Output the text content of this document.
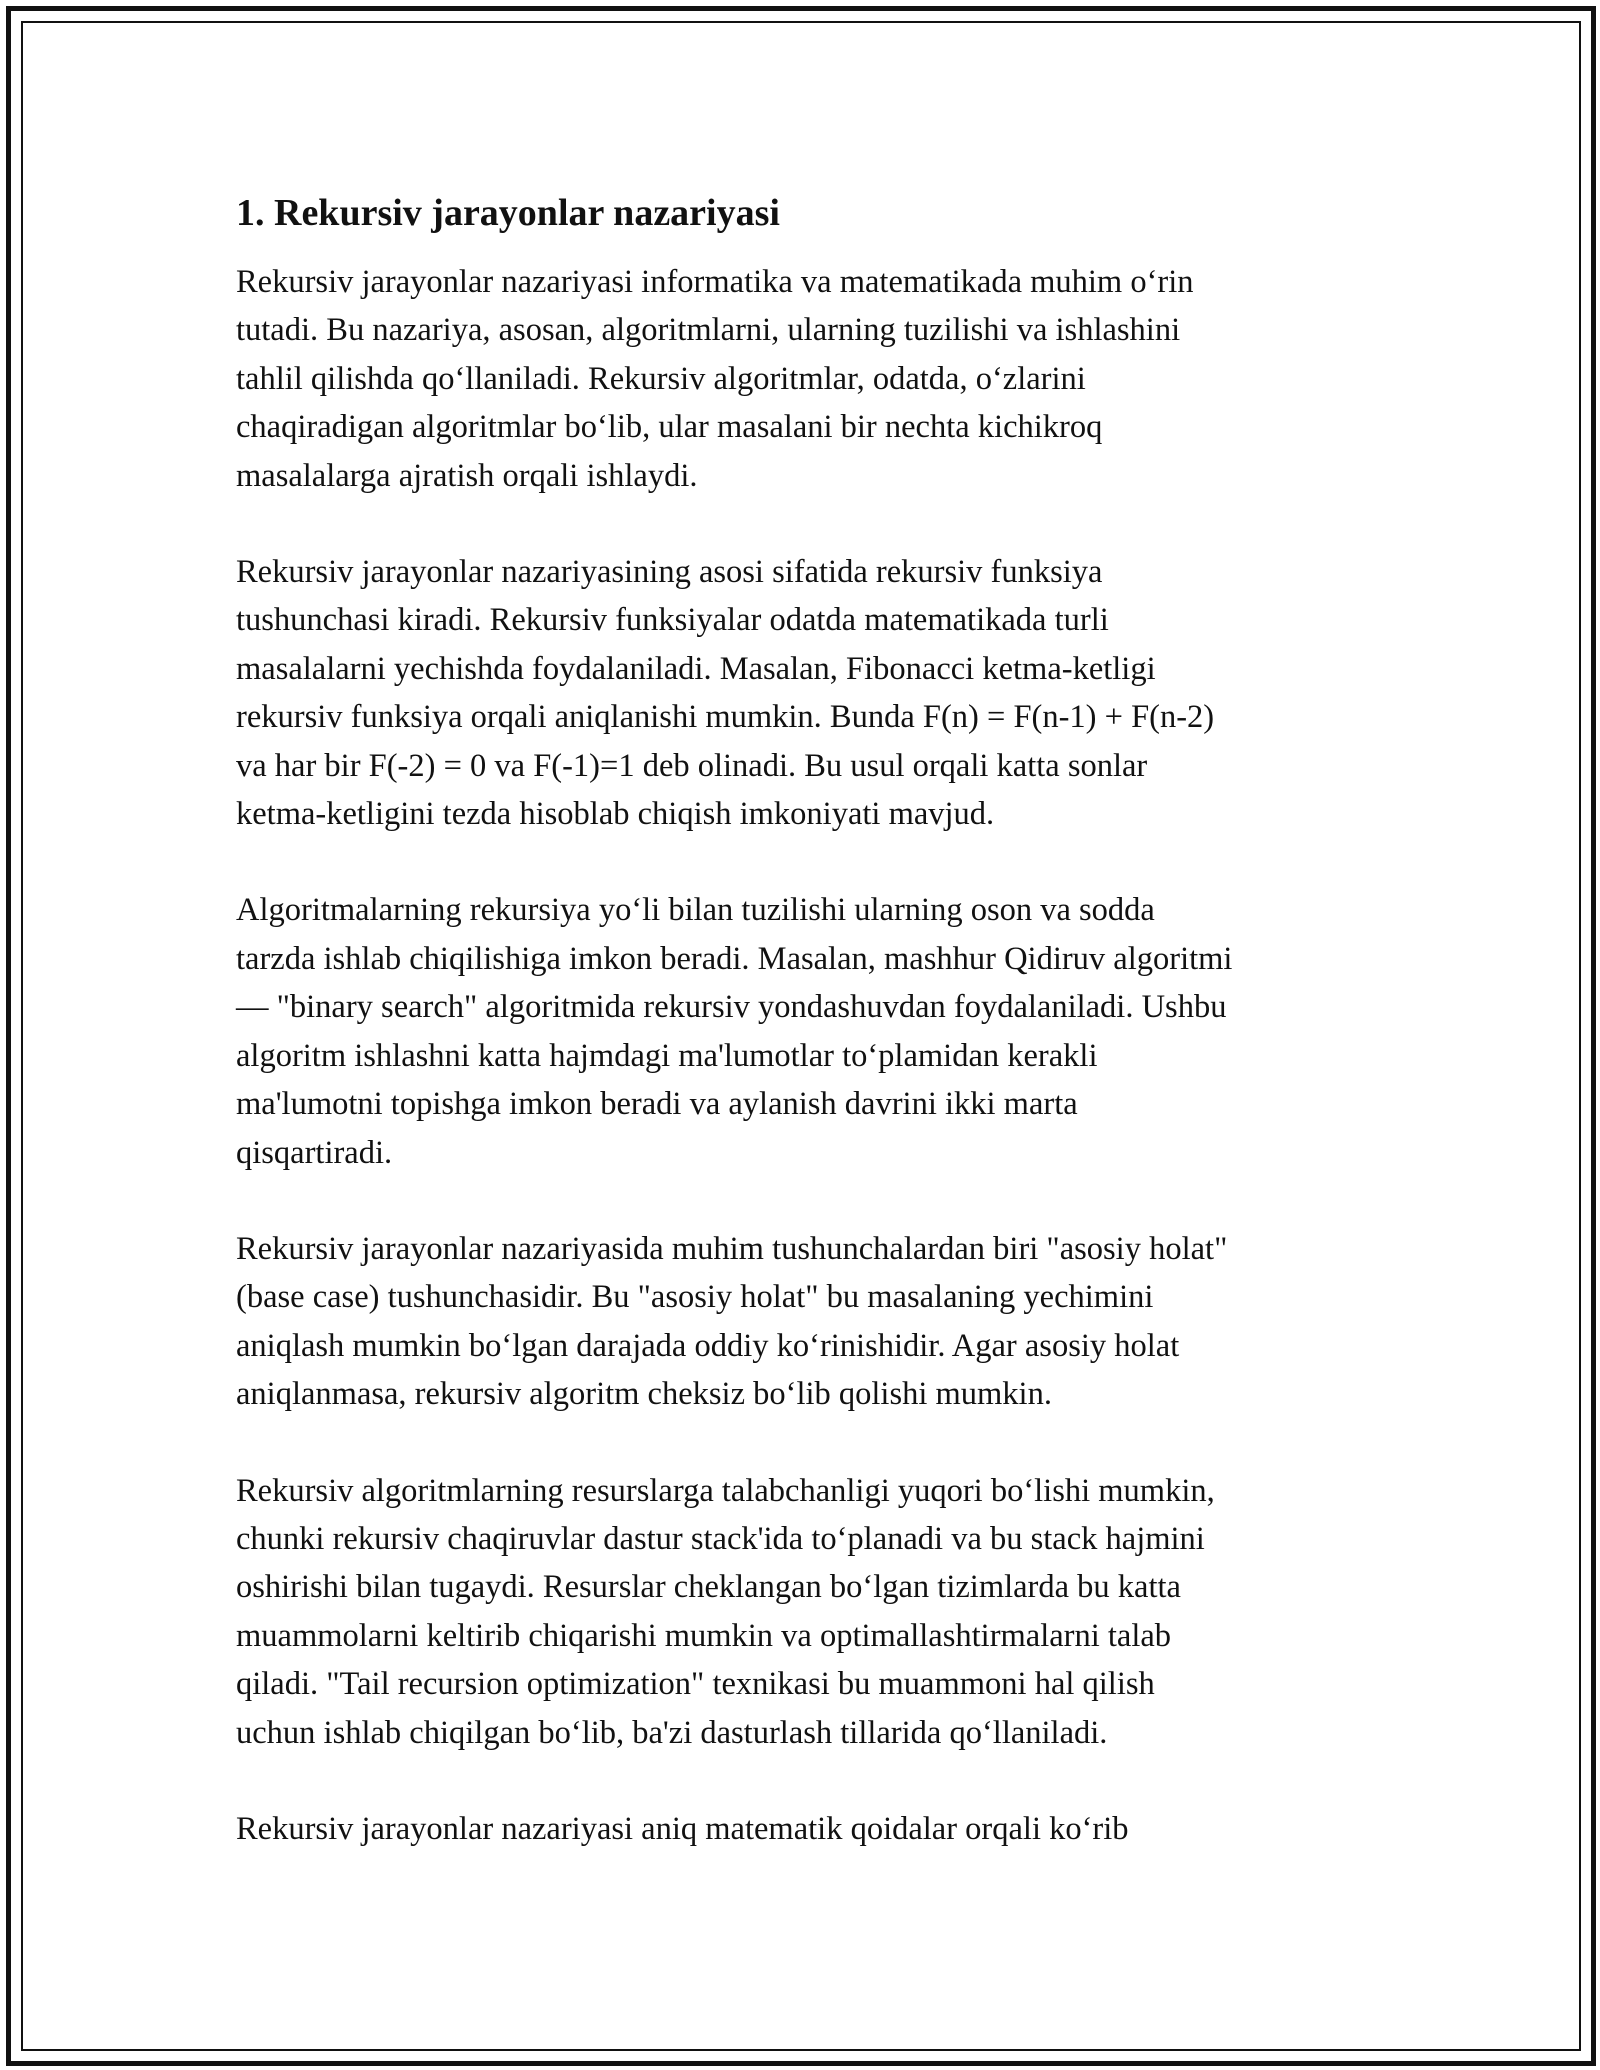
1. Rekursiv jarayonlar nazariyasi

Rekursiv jarayonlar nazariyasi informatika va matematikada muhim o‘rin
tutadi. Bu nazariya, asosan, algoritmlarni, ularning tuzilishi va ishlashini
tahlil qilishda qo‘llaniladi. Rekursiv algoritmlar, odatda, o‘zlarini
chaqiradigan algoritmlar bo‘lib, ular masalani bir nechta kichikroq
masalalarga ajratish orqali ishlaydi.

Rekursiv jarayonlar nazariyasining asosi sifatida rekursiv funksiya
tushunchasi kiradi. Rekursiv funksiyalar odatda matematikada turli
masalalarni yechishda foydalaniladi. Masalan, Fibonacci ketma-ketligi
rekursiv funksiya orqali aniqlanishi mumkin. Bunda F(n) = F(n-1) + F(n-2)
va har bir F(-2) = 0 va F(-1)=1 deb olinadi. Bu usul orqali katta sonlar
ketma-ketligini tezda hisoblab chiqish imkoniyati mavjud.

Algoritmalarning rekursiya yo‘li bilan tuzilishi ularning oson va sodda
tarzda ishlab chiqilishiga imkon beradi. Masalan, mashhur Qidiruv algoritmi
— "binary search" algoritmida rekursiv yondashuvdan foydalaniladi. Ushbu
algoritm ishlashni katta hajmdagi ma'lumotlar to‘plamidan kerakli
ma'lumotni topishga imkon beradi va aylanish davrini ikki marta
qisqartiradi.

Rekursiv jarayonlar nazariyasida muhim tushunchalardan biri "asosiy holat"
(base case) tushunchasidir. Bu "asosiy holat" bu masalaning yechimini
aniqlash mumkin bo‘lgan darajada oddiy ko‘rinishidir. Agar asosiy holat
aniqlanmasa, rekursiv algoritm cheksiz bo‘lib qolishi mumkin.

Rekursiv algoritmlarning resurslarga talabchanligi yuqori bo‘lishi mumkin,
chunki rekursiv chaqiruvlar dastur stack'ida to‘planadi va bu stack hajmini
oshirishi bilan tugaydi. Resurslar cheklangan bo‘lgan tizimlarda bu katta
muammolarni keltirib chiqarishi mumkin va optimallashtirmalarni talab
qiladi. "Tail recursion optimization" texnikasi bu muammoni hal qilish
uchun ishlab chiqilgan bo‘lib, ba'zi dasturlash tillarida qo‘llaniladi.

Rekursiv jarayonlar nazariyasi aniq matematik qoidalar orqali ko‘rib
